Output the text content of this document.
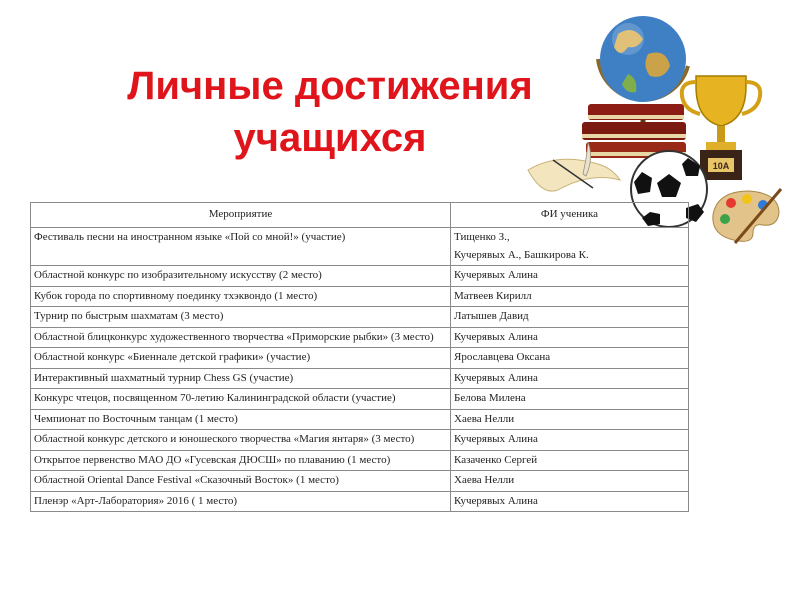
Личные достижения
учащихся
10А
Мероприятие	ФИ ученика
Фестиваль песни на иностранном языке «Пой со мной!» (участие)	Тищенко З.,
Кучерявых А., Башкирова К.

Областной конкурс по изобразительному искусству (2 место)	Кучерявых Алина

Кубок города по спортивному поединку тхэквондо (1 место)	Матвеев Кирилл

Турнир по быстрым шахматам (3 место)	Латышев Давид

Областной блицконкурс художественного творчества «Приморские рыбки» (3 место)	Кучерявых Алина

Областной конкурс «Биенналe детской графики» (участие)	Ярославцева Оксана

Интерактивный шахматный турнир Chess GS (участие)	Кучерявых Алина

Конкурс чтецов, посвященном 70-летию Калининградской области (участие)	Белова Милена

Чемпионат по Восточным танцам (1 место)	Хаева Нелли

Областной конкурс детского и юношеского творчества «Магия янтаря» (3 место)	Кучерявых Алина

Открытое первенство МАО ДО «Гусевская ДЮСШ» по плаванию (1 место)	Казаченко Сергей

Областной Oriental Dance Festival «Сказочный Восток» (1 место)	Хаева Нелли

Пленэр «Арт-Лаборатория» 2016 ( 1 место)	Кучерявых Алина
